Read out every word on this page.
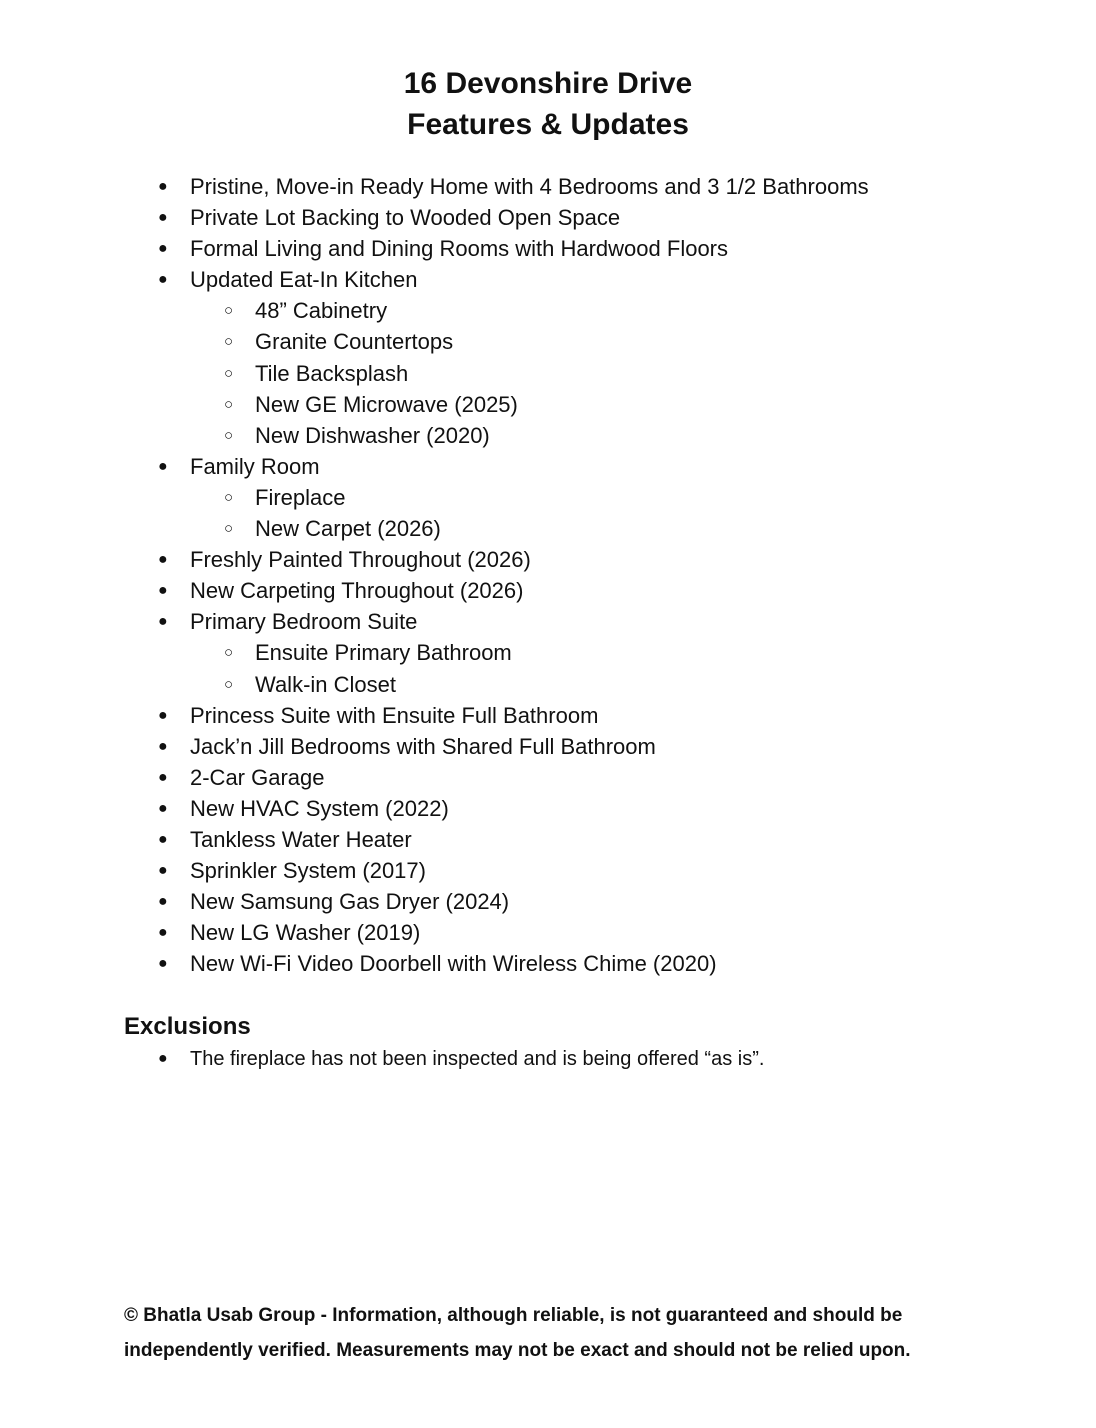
16 Devonshire Drive
Features & Updates
● Pristine, Move-in Ready Home with 4 Bedrooms and 3 1/2 Bathrooms
● Private Lot Backing to Wooded Open Space
● Formal Living and Dining Rooms with Hardwood Floors
● Updated Eat-In Kitchen
○ 48” Cabinetry
○ Granite Countertops
○ Tile Backsplash
○ New GE Microwave (2025)
○ New Dishwasher (2020)
● Family Room
○ Fireplace
○ New Carpet (2026)
● Freshly Painted Throughout (2026)
● New Carpeting Throughout (2026)
● Primary Bedroom Suite
○ Ensuite Primary Bathroom
○ Walk-in Closet
● Princess Suite with Ensuite Full Bathroom
● Jack’n Jill Bedrooms with Shared Full Bathroom
● 2-Car Garage
● New HVAC System (2022)
● Tankless Water Heater
● Sprinkler System (2017)
● New Samsung Gas Dryer (2024)
● New LG Washer (2019)
● New Wi-Fi Video Doorbell with Wireless Chime (2020)
Exclusions
● The fireplace has not been inspected and is being offered “as is”.

© Bhatla Usab Group - Information, although reliable, is not guaranteed and should be independently verified. Measurements may not be exact and should not be relied upon.
